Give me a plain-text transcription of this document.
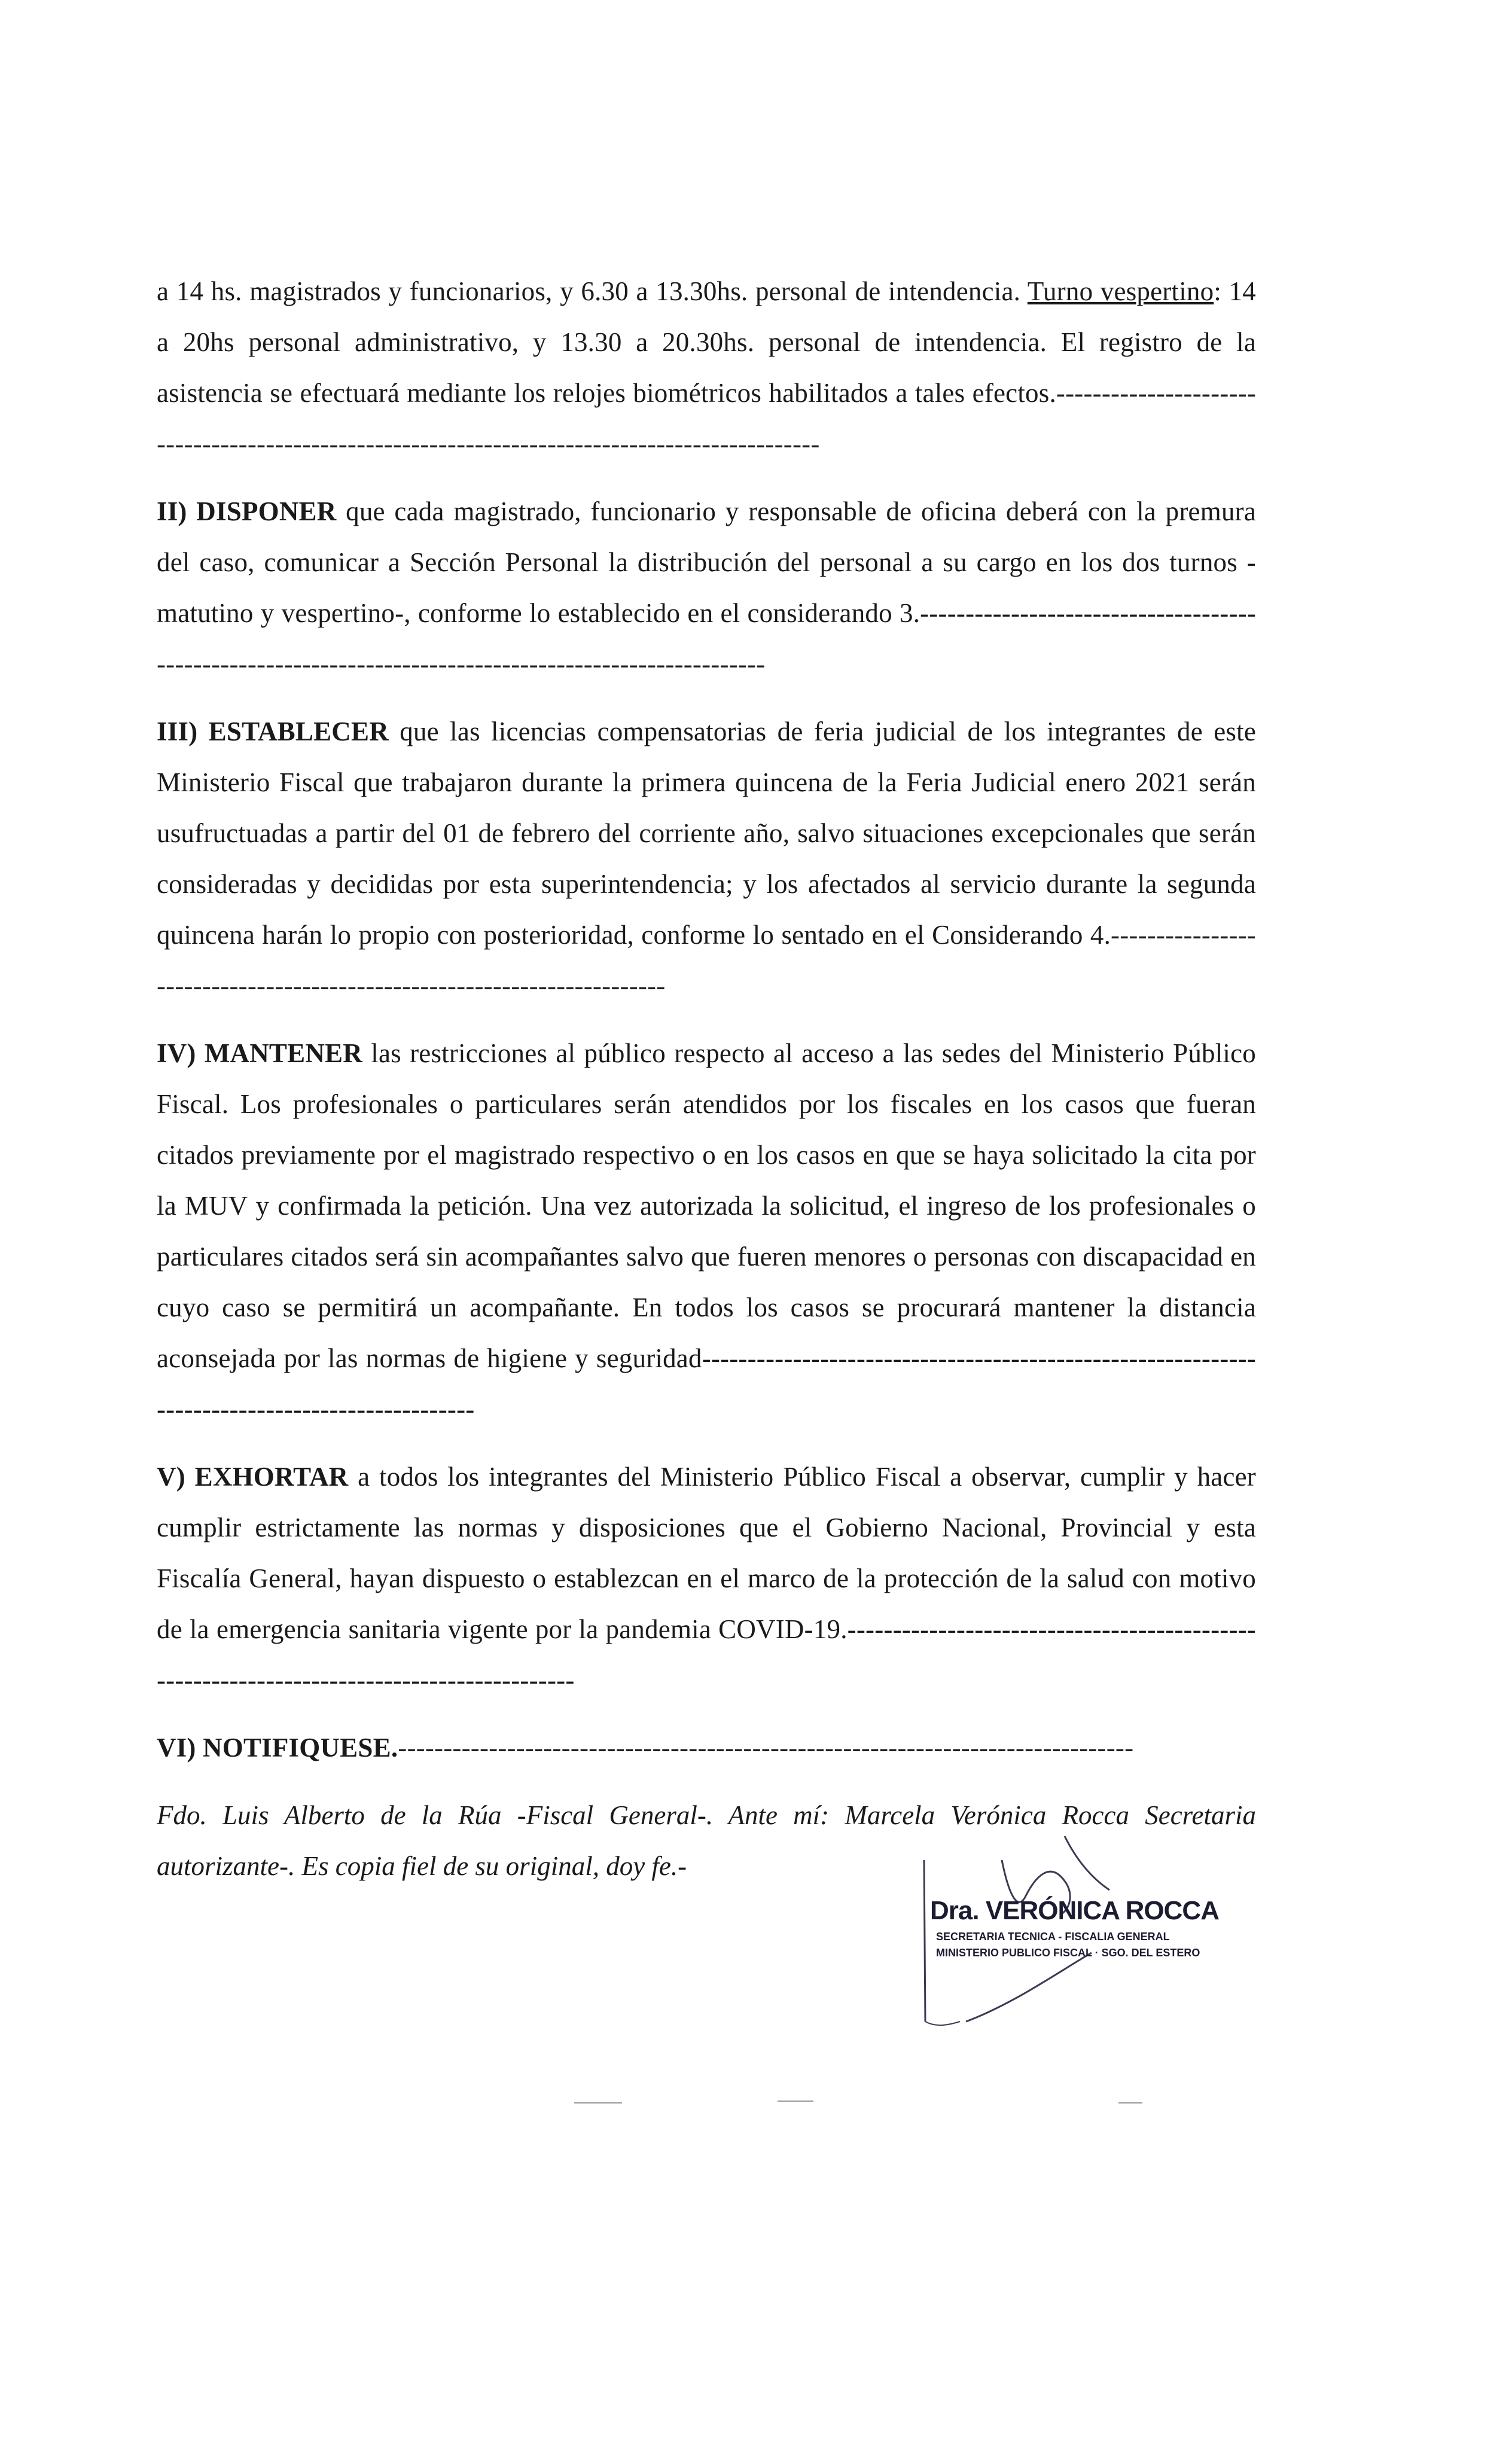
a 14 hs. magistrados y funcionarios, y 6.30 a 13.30hs. personal de intendencia. Turno vespertino: 14 a 20hs personal administrativo, y 13.30 a 20.30hs. personal de intendencia. El registro de la asistencia se efectuará mediante los relojes biométricos habilitados a tales efectos.-----------------------------------------------------------------------------------------------

II) DISPONER que cada magistrado, funcionario y responsable de oficina deberá con la premura del caso, comunicar a Sección Personal la distribución del personal a su cargo en los dos turnos -matutino y vespertino-, conforme lo establecido en el considerando 3.--------------------------------------------------------------------------------------------------------

III) ESTABLECER que las licencias compensatorias de feria judicial de los integrantes de este Ministerio Fiscal que trabajaron durante la primera quincena de la Feria Judicial enero 2021 serán usufructuadas a partir del 01 de febrero del corriente año, salvo situaciones excepcionales que serán consideradas y decididas por esta superintendencia; y los afectados al servicio durante la segunda quincena harán lo propio con posterioridad, conforme lo sentado en el Considerando 4.------------------------------------------------------------------------

IV) MANTENER las restricciones al público respecto al acceso a las sedes del Ministerio Público Fiscal. Los profesionales o particulares serán atendidos por los fiscales en los casos que fueran citados previamente por el magistrado respectivo o en los casos en que se haya solicitado la cita por la MUV y confirmada la petición. Una vez autorizada la solicitud, el ingreso de los profesionales o particulares citados será sin acompañantes salvo que fueren menores o personas con discapacidad en cuyo caso se permitirá un acompañante. En todos los casos se procurará mantener la distancia aconsejada por las normas de higiene y seguridad------------------------------------------------------------------------------------------------

V) EXHORTAR a todos los integrantes del Ministerio Público Fiscal a observar, cumplir y hacer cumplir estrictamente las normas y disposiciones que el Gobierno Nacional, Provincial y esta Fiscalía General, hayan dispuesto o establezcan en el marco de la protección de la salud con motivo de la emergencia sanitaria vigente por la pandemia COVID-19.-------------------------------------------------------------------------------------------

VI) NOTIFIQUESE.---------------------------------------------------------------------------------

Fdo. Luis Alberto de la Rúa -Fiscal General-. Ante mí: Marcela Verónica Rocca Secretaria autorizante-. Es copia fiel de su original, doy fe.-

Dra. VERÓNICA ROCCA
SECRETARIA TECNICA - FISCALIA GENERAL
MINISTERIO PUBLICO FISCAL · SGO. DEL ESTERO
